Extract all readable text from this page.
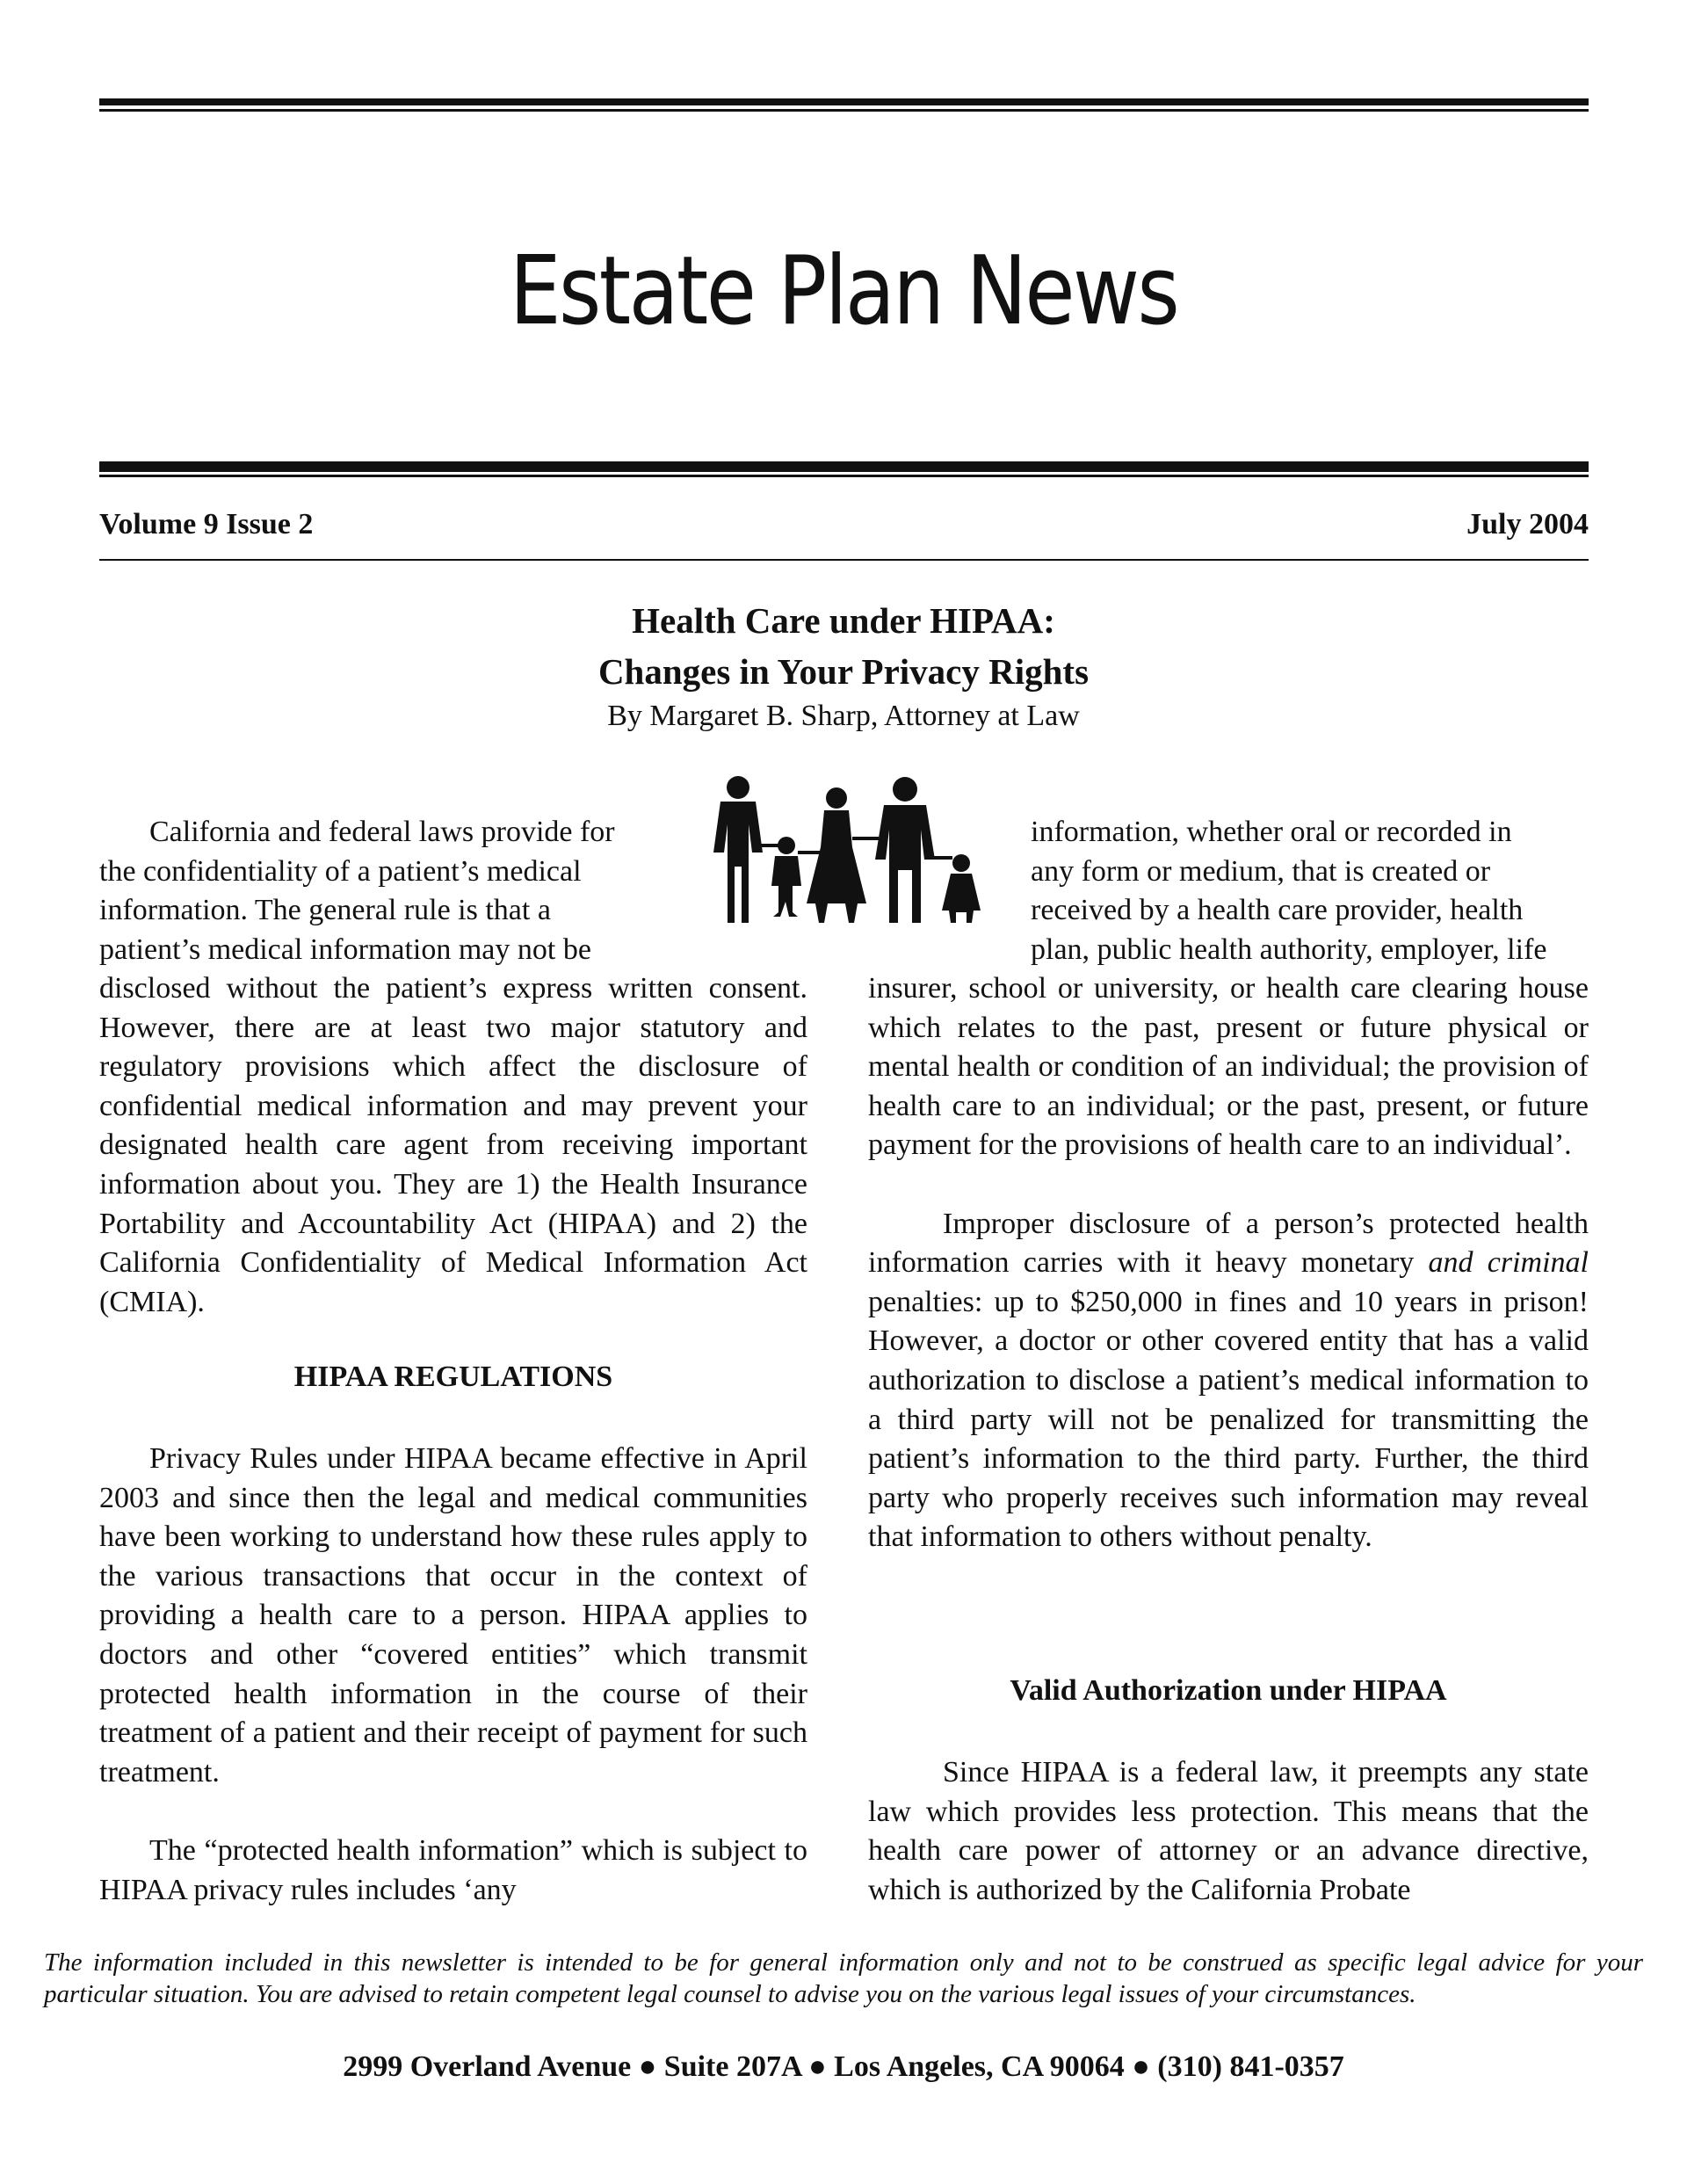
Estate Plan News
Volume 9 Issue 2	July 2004
Health Care under HIPAA:
Changes in Your Privacy Rights
By Margaret B. Sharp, Attorney at Law

California and federal laws provide for

the confidentiality of a patient’s medical

information. The general rule is that a

patient’s medical information may not be

disclosed without the patient’s express written consent. However, there are at least two major statutory and regulatory provisions which affect the disclosure of confidential medical information and may prevent your designated health care agent from receiving important information about you. They are 1) the Health Insurance Portability and Accountability Act (HIPAA) and 2) the California Confidentiality of Medical Information Act (CMIA).

HIPAA REGULATIONS

Privacy Rules under HIPAA became effective in April 2003 and since then the legal and medical communities have been working to understand how these rules apply to the various transactions that occur in the context of providing a health care to a person. HIPAA applies to doctors and other “covered entities” which transmit protected health information in the course of their treatment of a patient and their receipt of payment for such treatment.

The “protected health information” which is subject to HIPAA privacy rules includes ‘any

information, whether oral or recorded in

any form or medium, that is created or

received by a health care provider, health

plan, public health authority, employer, life

insurer, school or university, or health care clearing house which relates to the past, present or future physical or mental health or condition of an individual; the provision of health care to an individual; or the past, present, or future payment for the provisions of health care to an individual’.

Improper disclosure of a person’s protected health information carries with it heavy monetary and criminal penalties: up to $250,000 in fines and 10 years in prison! However, a doctor or other covered entity that has a valid authorization to disclose a patient’s medical information to a third party will not be penalized for transmitting the patient’s information to the third party. Further, the third party who properly receives such information may reveal that information to others without penalty.

Valid Authorization under HIPAA

Since HIPAA is a federal law, it preempts any state law which provides less protection. This means that the health care power of attorney or an advance directive, which is authorized by the California Probate

The information included in this newsletter is intended to be for general information only and not to be construed as specific legal advice for your particular situation. You are advised to retain competent legal counsel to advise you on the various legal issues of your circumstances.
2999 Overland Avenue ● Suite 207A ● Los Angeles, CA 90064 ● (310) 841-0357
